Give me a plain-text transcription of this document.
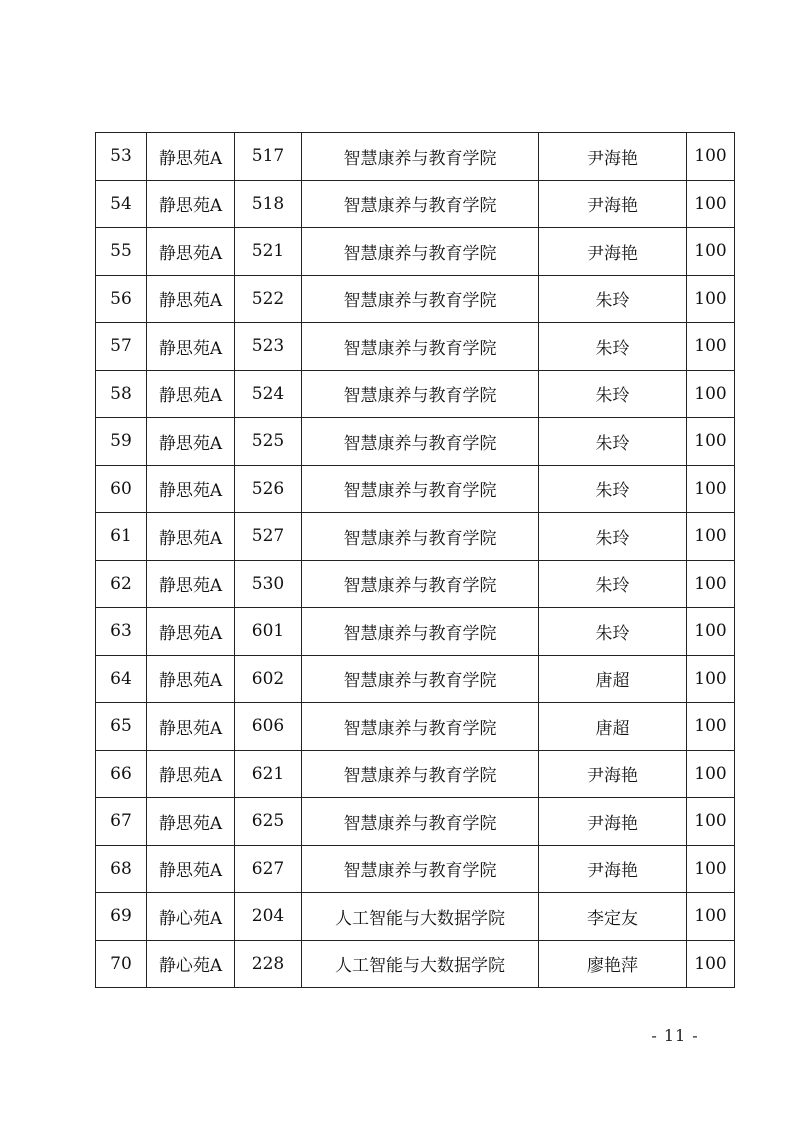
53	静思苑A	517	智慧康养与教育学院	尹海艳	100
54	静思苑A	518	智慧康养与教育学院	尹海艳	100
55	静思苑A	521	智慧康养与教育学院	尹海艳	100
56	静思苑A	522	智慧康养与教育学院	朱玲	100
57	静思苑A	523	智慧康养与教育学院	朱玲	100
58	静思苑A	524	智慧康养与教育学院	朱玲	100
59	静思苑A	525	智慧康养与教育学院	朱玲	100
60	静思苑A	526	智慧康养与教育学院	朱玲	100
61	静思苑A	527	智慧康养与教育学院	朱玲	100
62	静思苑A	530	智慧康养与教育学院	朱玲	100
63	静思苑A	601	智慧康养与教育学院	朱玲	100
64	静思苑A	602	智慧康养与教育学院	唐超	100
65	静思苑A	606	智慧康养与教育学院	唐超	100
66	静思苑A	621	智慧康养与教育学院	尹海艳	100
67	静思苑A	625	智慧康养与教育学院	尹海艳	100
68	静思苑A	627	智慧康养与教育学院	尹海艳	100
69	静心苑A	204	人工智能与大数据学院	李定友	100
70	静心苑A	228	人工智能与大数据学院	廖艳萍	100
- 11 -
